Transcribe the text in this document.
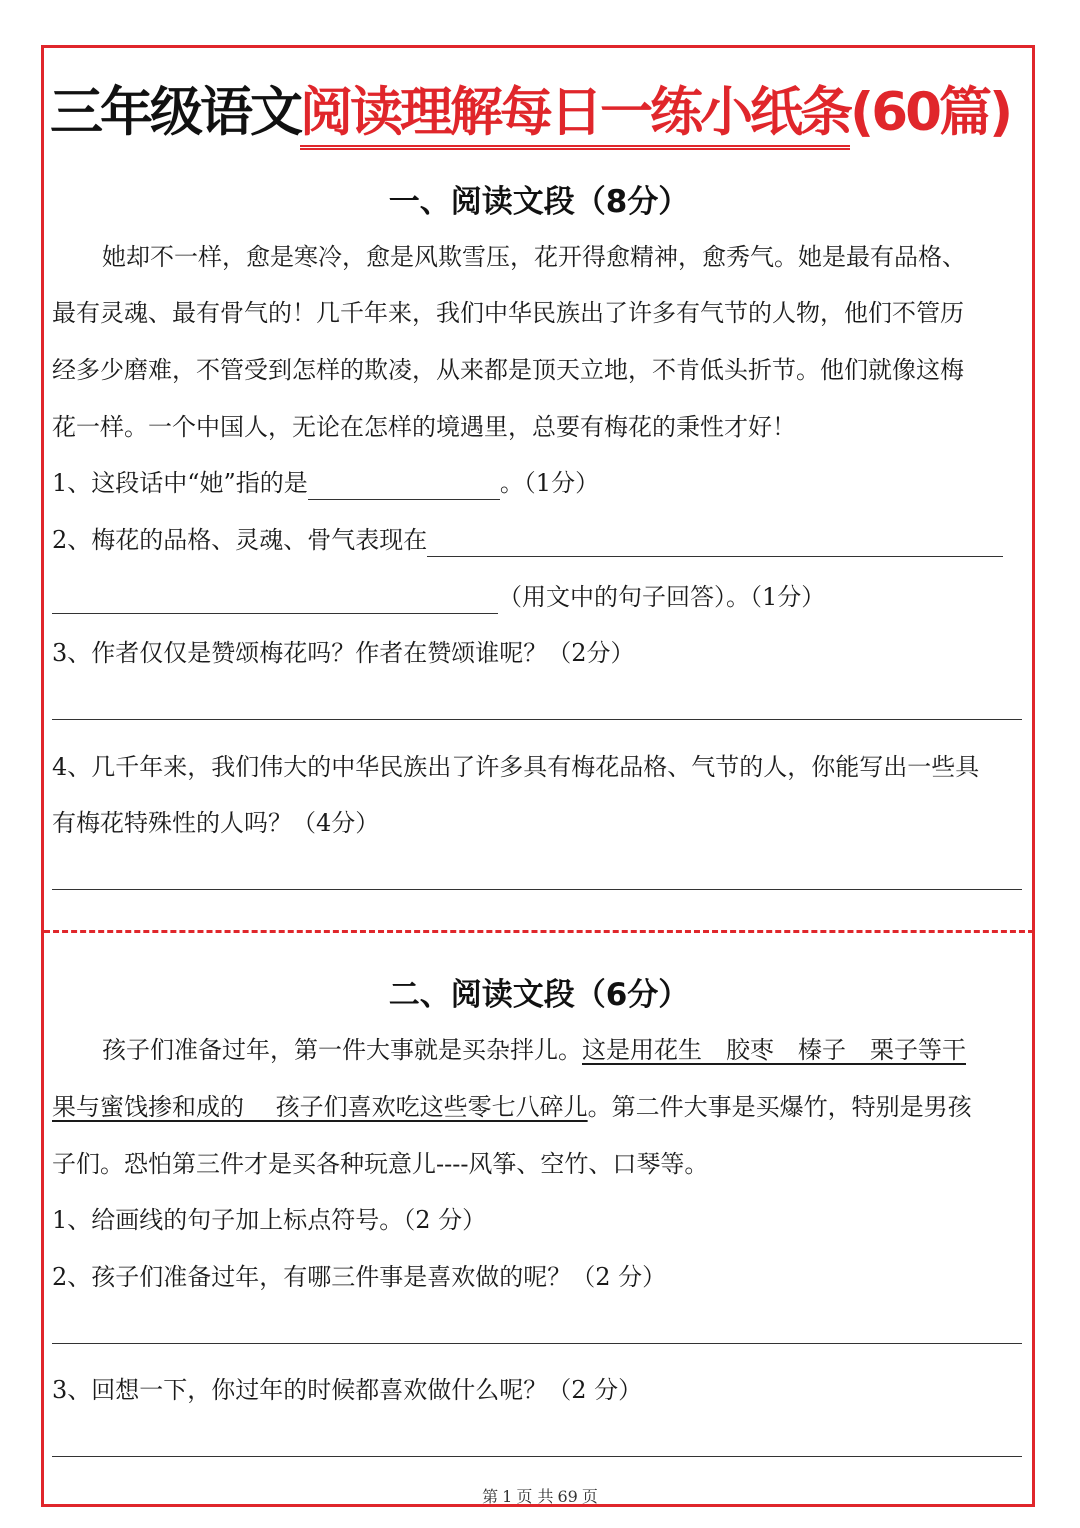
三年级语文阅读理解每日一练小纸条(60篇)
一、阅读文段（8分）
她却不一样，愈是寒冷，愈是风欺雪压，花开得愈精神，愈秀气。她是最有品格、
最有灵魂、最有骨气的！几千年来，我们中华民族出了许多有气节的人物，他们不管历
经多少磨难，不管受到怎样的欺凌，从来都是顶天立地，不肯低头折节。他们就像这梅
花一样。一个中国人，无论在怎样的境遇里，总要有梅花的秉性才好！
1、这段话中“她”指的是	。（1分）
2、梅花的品格、灵魂、骨气表现在
（用文中的句子回答）。（1分）
3、作者仅仅是赞颂梅花吗？作者在赞颂谁呢？（2分）
4、几千年来，我们伟大的中华民族出了许多具有梅花品格、气节的人，你能写出一些具
有梅花特殊性的人吗？（4分）
二、阅读文段（6分）
孩子们准备过年，第一件大事就是买杂拌儿。这是用花生　胶枣　榛子　栗子等干
果与蜜饯掺和成的　 孩子们喜欢吃这些零七八碎儿。第二件大事是买爆竹，特别是男孩
子们。恐怕第三件才是买各种玩意儿----风筝、空竹、口琴等。
1、给画线的句子加上标点符号。（2 分）
2、孩子们准备过年，有哪三件事是喜欢做的呢？（2 分）
3、回想一下，你过年的时候都喜欢做什么呢？（2 分）
第 1 页 共 69 页
